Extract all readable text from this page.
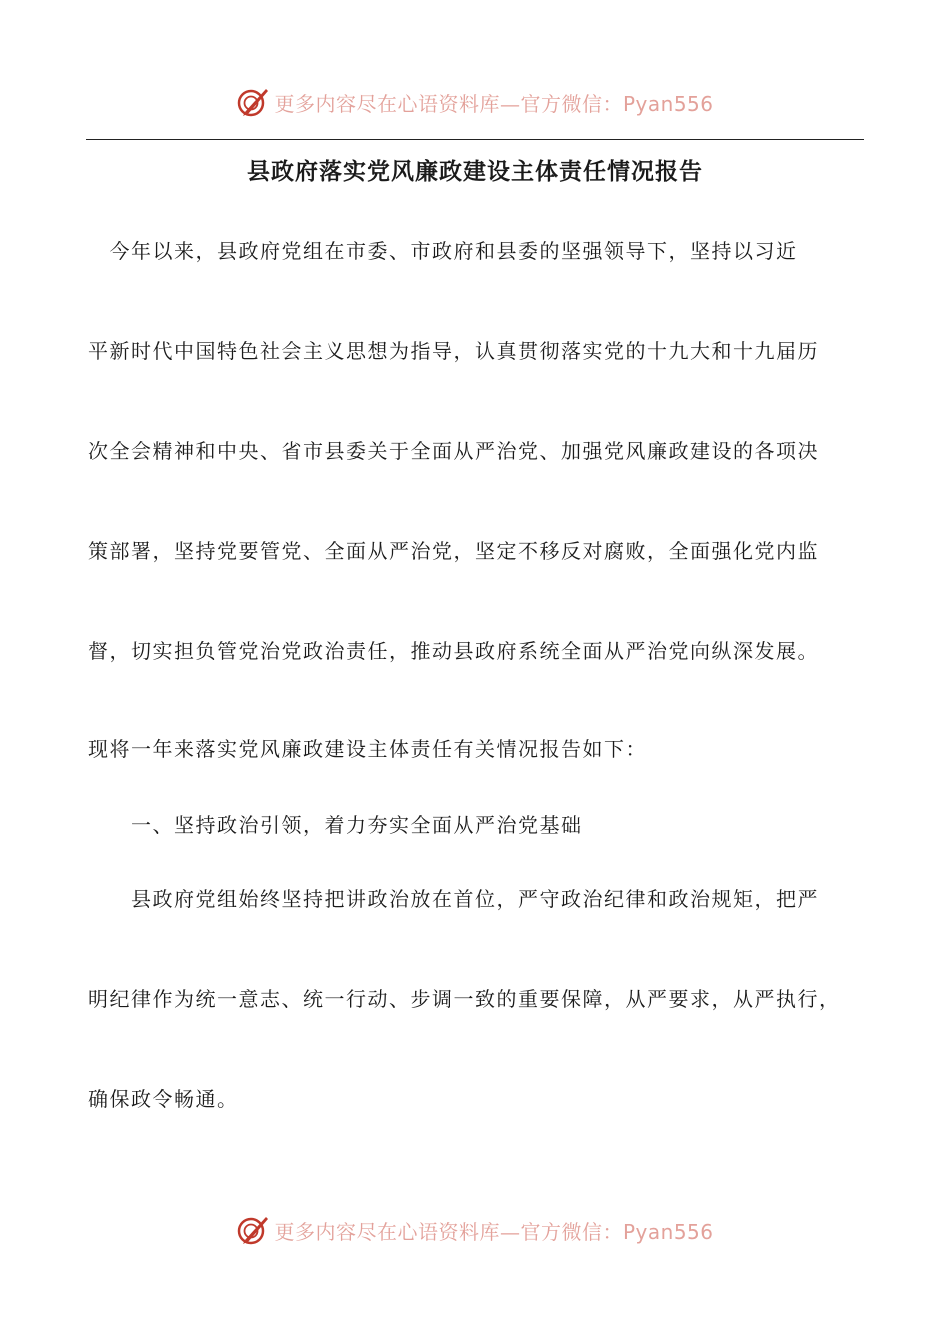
更多内容尽在心语资料库—官方微信：Pyan556
县政府落实党风廉政建设主体责任情况报告

　今年以来，县政府党组在市委、市政府和县委的坚强领导下，坚持以习近

平新时代中国特色社会主义思想为指导，认真贯彻落实党的十九大和十九届历

次全会精神和中央、省市县委关于全面从严治党、加强党风廉政建设的各项决

策部署，坚持党要管党、全面从严治党，坚定不移反对腐败，全面强化党内监

督，切实担负管党治党政治责任，推动县政府系统全面从严治党向纵深发展。

现将一年来落实党风廉政建设主体责任有关情况报告如下：

　　一、坚持政治引领，着力夯实全面从严治党基础

　　县政府党组始终坚持把讲政治放在首位，严守政治纪律和政治规矩，把严

明纪律作为统一意志、统一行动、步调一致的重要保障，从严要求，从严执行，

确保政令畅通。

更多内容尽在心语资料库—官方微信：Pyan556
